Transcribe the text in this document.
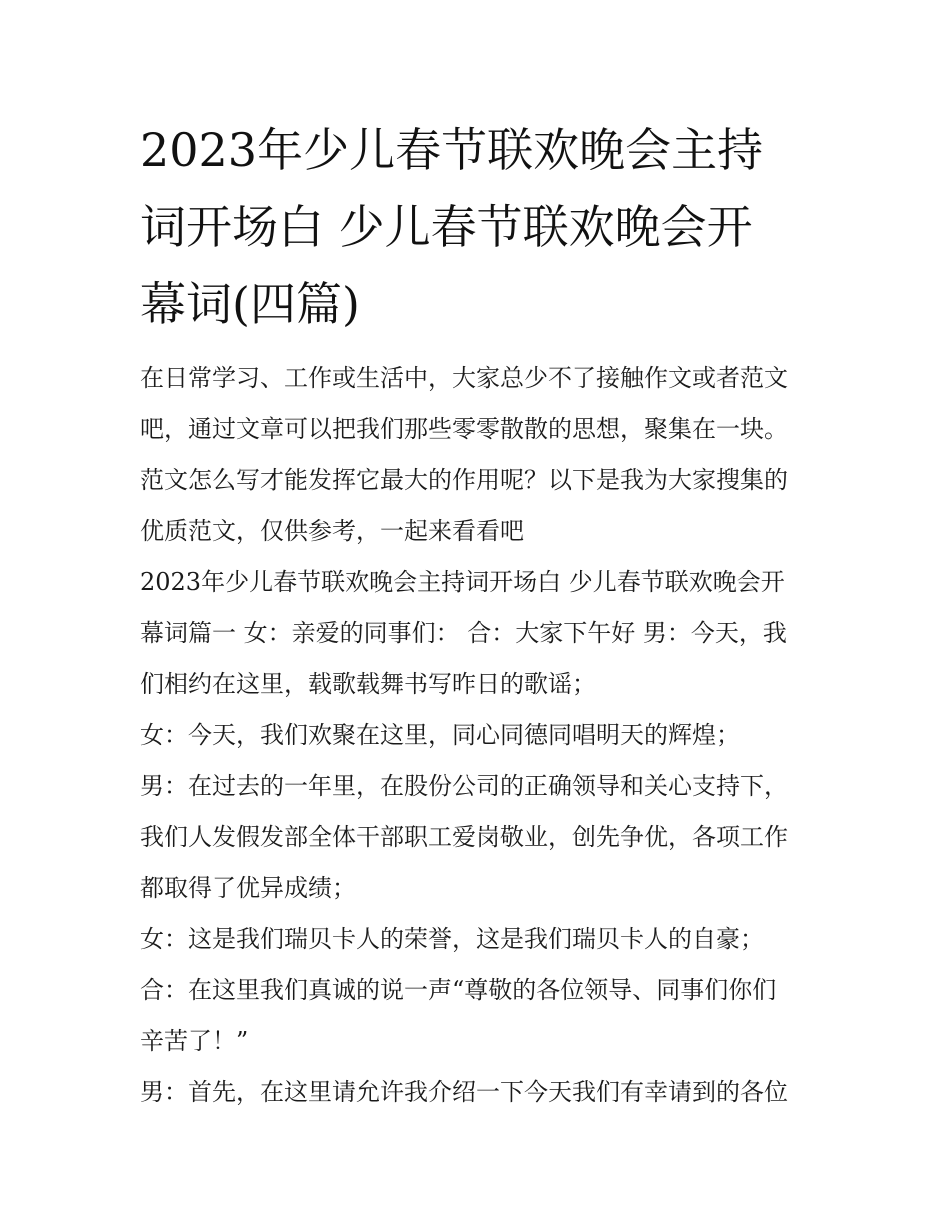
2023年少儿春节联欢晚会主持
词开场白 少儿春节联欢晚会开
幕词(四篇)
在日常学习、工作或生活中，大家总少不了接触作文或者范文
吧，通过文章可以把我们那些零零散散的思想，聚集在一块。
范文怎么写才能发挥它最大的作用呢？以下是我为大家搜集的
优质范文，仅供参考，一起来看看吧
2023年少儿春节联欢晚会主持词开场白 少儿春节联欢晚会开
幕词篇一 女：亲爱的同事们： 合：大家下午好 男：今天，我
们相约在这里，载歌载舞书写昨日的歌谣；
女：今天，我们欢聚在这里，同心同德同唱明天的辉煌；
男：在过去的一年里，在股份公司的正确领导和关心支持下，
我们人发假发部全体干部职工爱岗敬业，创先争优，各项工作
都取得了优异成绩；
女：这是我们瑞贝卡人的荣誉，这是我们瑞贝卡人的自豪；
合：在这里我们真诚的说一声“尊敬的各位领导、同事们你们
辛苦了！”
男：首先，在这里请允许我介绍一下今天我们有幸请到的各位
